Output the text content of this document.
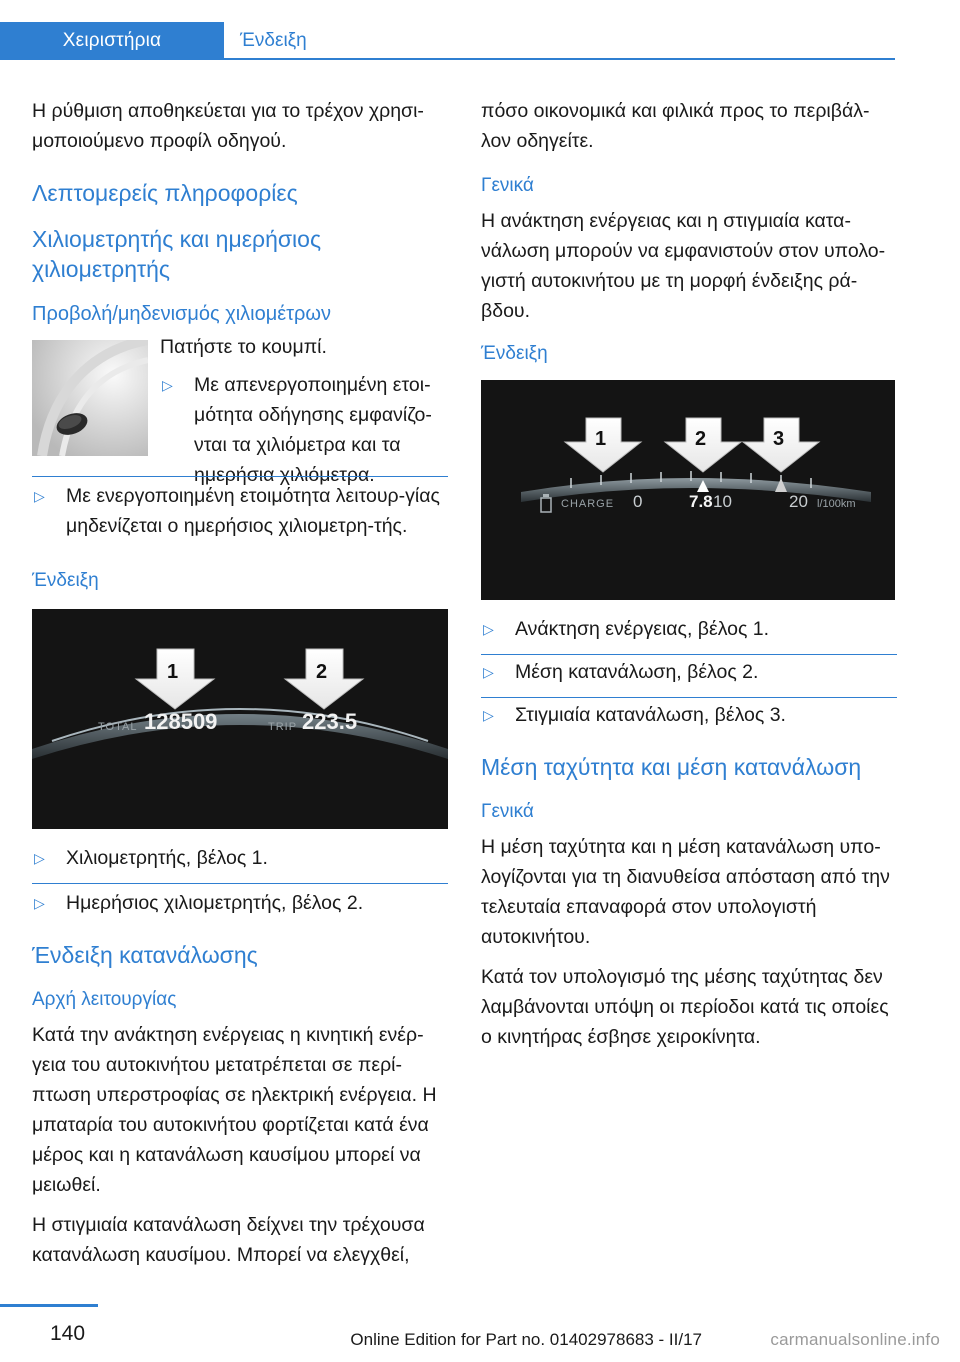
Χειριστήρια	Ένδειξη

Η ρύθμιση αποθηκεύεται για το τρέχον χρησι-μοποιούμενο προφίλ οδηγού.

Λεπτομερείς πληροφορίες
Χιλιομετρητής και ημερήσιος χιλιομετρητής
Προβολή/μηδενισμός χιλιομέτρων

Πατήστε το κουμπί.

▷ Με απενεργοποιημένη ετοι-μότητα οδήγησης εμφανίζο-νται τα χιλιόμετρα και τα ημερήσια χιλιόμετρα.
▷ Με ενεργοποιημένη ετοιμότητα λειτουρ-γίας μηδενίζεται ο ημερήσιος χιλιομετρη-τής.
Ένδειξη
1	2
TOTAL 128509	TRIP 223.5
▷ Χιλιομετρητής, βέλος 1.
▷ Ημερήσιος χιλιομετρητής, βέλος 2.
Ένδειξη κατανάλωσης
Αρχή λειτουργίας

Κατά την ανάκτηση ενέργειας η κινητική ενέρ-γεια του αυτοκινήτου μετατρέπεται σε περί-πτωση υπερστροφίας σε ηλεκτρική ενέργεια. Η μπαταρία του αυτοκινήτου φορτίζεται κατά ένα μέρος και η κατανάλωση καυσίμου μπορεί να μειωθεί.

Η στιγμιαία κατανάλωση δείχνει την τρέχουσα κατανάλωση καυσίμου. Μπορεί να ελεγχθεί,

πόσο οικονομικά και φιλικά προς το περιβάλ-λον οδηγείτε.

Γενικά

Η ανάκτηση ενέργειας και η στιγμιαία κατα-νάλωση μπορούν να εμφανιστούν στον υπολο-γιστή αυτοκινήτου με τη μορφή ένδειξης ρά-βδου.

Ένδειξη
1	2	3
CHARGE 0	7.8 10	20 l/100km
▷ Ανάκτηση ενέργειας, βέλος 1.
▷ Μέση κατανάλωση, βέλος 2.
▷ Στιγμιαία κατανάλωση, βέλος 3.
Μέση ταχύτητα και μέση κατανάλωση
Γενικά

Η μέση ταχύτητα και η μέση κατανάλωση υπο-λογίζονται για τη διανυθείσα απόσταση από την τελευταία επαναφορά στον υπολογιστή αυτοκινήτου.

Κατά τον υπολογισμό της μέσης ταχύτητας δεν λαμβάνονται υπόψη οι περίοδοι κατά τις οποίες ο κινητήρας έσβησε χειροκίνητα.

140	Online Edition for Part no. 01402978683 - II/17	carmanualsonline.info
